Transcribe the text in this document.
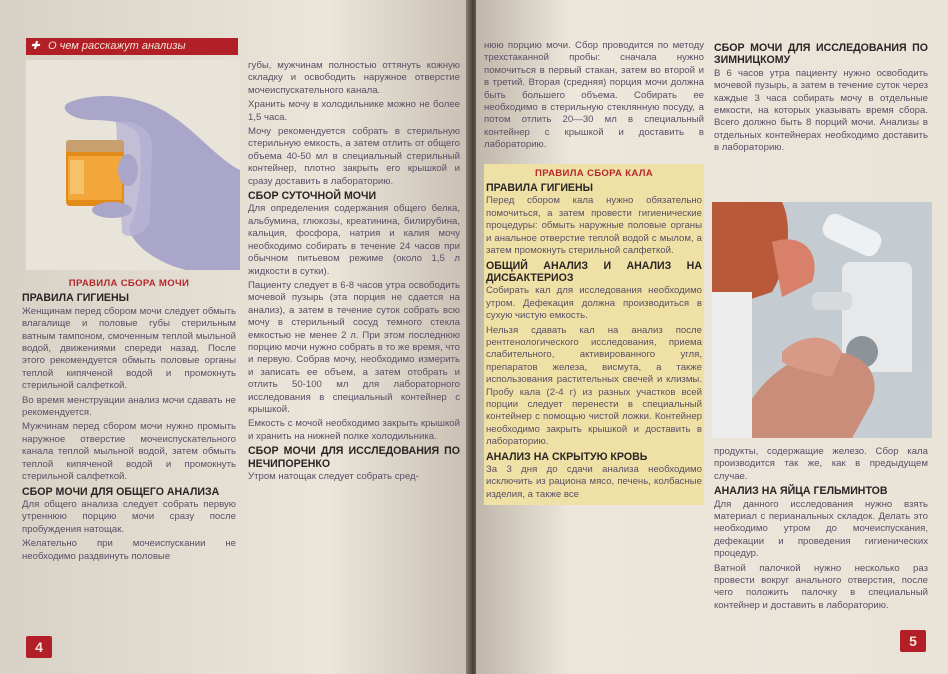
✚ О чем расскажут анализы
ПРАВИЛА СБОРА МОЧИ
ПРАВИЛА ГИГИЕНЫ

Женщинам перед сбором мочи следует обмыть влагалище и половые губы стерильным ватным тампоном, смоченным теплой мыльной водой, движениями спереди назад. После этого рекомендуется обмыть половые органы теплой кипяченой водой и промокнуть стерильной салфеткой.

Во время менструации анализ мочи сдавать не рекомендуется.

Мужчинам перед сбором мочи нужно промыть наружное отверстие мочеиспускательного канала теплой мыльной водой, затем обмыть теплой кипяченой водой и промокнуть стерильной салфеткой.

СБОР МОЧИ ДЛЯ ОБЩЕГО АНАЛИЗА

Для общего анализа следует собрать первую утреннюю порцию мочи сразу после пробуждения натощак.

Желательно при мочеиспускании не необходимо раздвинуть половые

губы, мужчинам полностью оттянуть кожную складку и освободить наружное отверстие мочеиспускательного канала.

Хранить мочу в холодильнике можно не более 1,5 часа.

Мочу рекомендуется собрать в стерильную стерильную емкость, а затем отлить от общего объема 40-50 мл в специальный стерильный контейнер, плотно закрыть его крышкой и сразу доставить в лабораторию.

СБОР СУТОЧНОЙ МОЧИ

Для определения содержания общего белка, альбумина, глюкозы, креатинина, билирубина, кальция, фосфора, натрия и калия мочу необходимо собирать в течение 24 часов при обычном питьевом режиме (около 1,5 л жидкости в сутки).

Пациенту следует в 6-8 часов утра освободить мочевой пузырь (эта порция не сдается на анализ), а затем в течение суток собрать всю мочу в стерильный сосуд темного стекла емкостью не менее 2 л. При этом последнюю порцию мочи нужно собрать в то же время, что и первую. Собрав мочу, необходимо измерить и записать ее объем, а затем отобрать и отлить 50-100 мл для лабораторного исследования в специальный контейнер с крышкой.

Емкость с мочой необходимо закрыть крышкой и хранить на нижней полке холодильника.

СБОР МОЧИ ДЛЯ ИССЛЕДОВАНИЯ ПО НЕЧИПОРЕНКО

Утром натощак следует собрать сред-

4

нюю порцию мочи. Сбор проводится по методу трехстаканной пробы: сначала нужно помочиться в первый стакан, затем во второй и в третий. Вторая (средняя) порция мочи должна быть большего объема. Собирать ее необходимо в стерильную стеклянную посуду, а потом отлить 20—30 мл в специальный контейнер с крышкой и доставить в лабораторию.

ПРАВИЛА СБОРА КАЛА
ПРАВИЛА ГИГИЕНЫ

Перед сбором кала нужно обязательно помочиться, а затем провести гигиенические процедуры: обмыть наружные половые органы и анальное отверстие теплой водой с мылом, а затем промокнуть стерильной салфеткой.

ОБЩИЙ АНАЛИЗ И АНАЛИЗ НА ДИСБАКТЕРИОЗ

Собирать кал для исследования необходимо утром. Дефекация должна производиться в сухую чистую емкость.

Нельзя сдавать кал на анализ после рентгенологического исследования, приема слабительного, активированного угля, препаратов железа, висмута, а также использования растительных свечей и клизмы. Пробу кала (2-4 г) из разных участков всей порции следует перенести в специальный контейнер с помощью чистой ложки. Контейнер необходимо закрыть крышкой и доставить в лабораторию.

АНАЛИЗ НА СКРЫТУЮ КРОВЬ

За 3 дня до сдачи анализа необходимо исключить из рациона мясо, печень, колбасные изделия, а также все

СБОР МОЧИ ДЛЯ ИССЛЕДОВАНИЯ ПО ЗИМНИЦКОМУ

В 6 часов утра пациенту нужно освободить мочевой пузырь, а затем в течение суток через каждые 3 часа собирать мочу в отдельные емкости, на которых указывать время сбора. Всего должно быть 8 порций мочи. Анализы в отдельных контейнерах необходимо доставить в лабораторию.

продукты, содержащие железо. Сбор кала производится так же, как в предыдущем случае.

АНАЛИЗ НА ЯЙЦА ГЕЛЬМИНТОВ

Для данного исследования нужно взять материал с перианальных складок. Делать это необходимо утром до мочеиспускания, дефекации и проведения гигиенических процедур.

Ватной палочкой нужно несколько раз провести вокруг анального отверстия, после чего положить палочку в специальный контейнер и доставить в лабораторию.

5
